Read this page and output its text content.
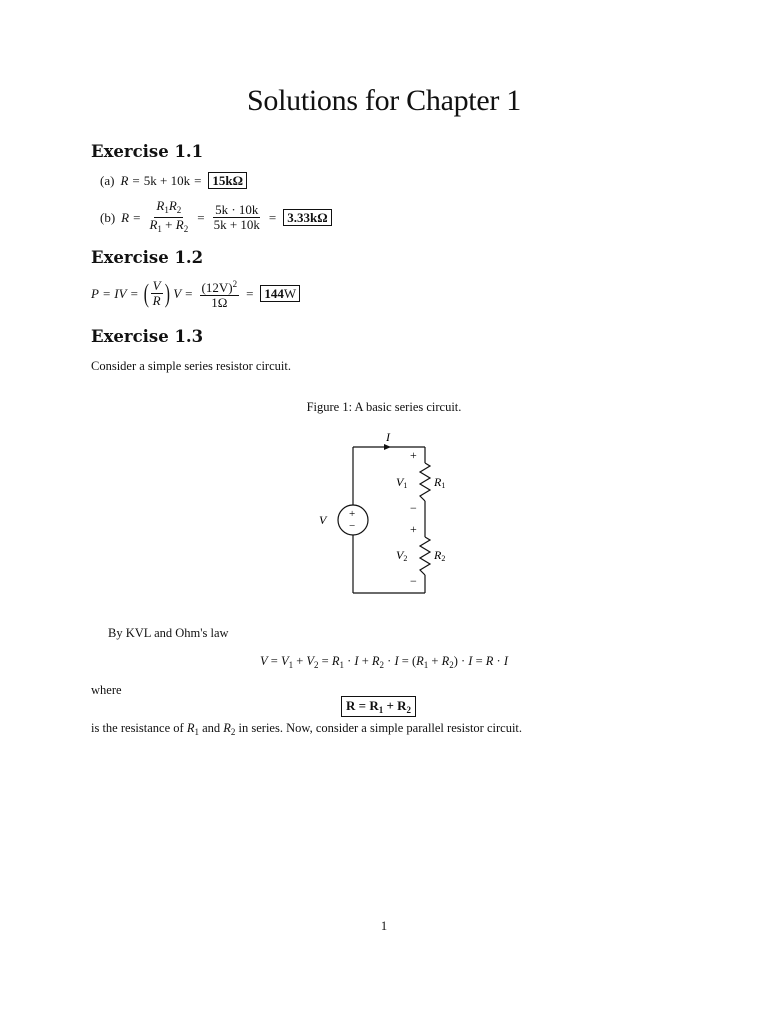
Solutions for Chapter 1
Exercise 1.1
(a) R = 5k + 10k = 15kΩ
(b) $R = \frac{R_1R_2}{R_1 + R_2} = \frac{5k \cdot 10k}{5k + 10k} = 3.33k\Omega$
Exercise 1.2
P = IV = ( $\frac{V}{R}$ ) $V = \frac{(12V)^2}{1\Omega} = 144W$
Exercise 1.3
Consider a simple series resistor circuit.
Figure 1: A basic series circuit.
I
+
−
V
R1
V1
+
−
R2
V2
+
−
By KVL and Ohm's law
$V = V_1 + V_2 = R_1 \cdot I + R_2 \cdot I = (R_1 + R_2) \cdot I = R \cdot I$
where
$R = R_1 + R_2$
is the resistance of $R_1$ and $R_2$ in series. Now, consider a simple parallel resistor circuit.
1
